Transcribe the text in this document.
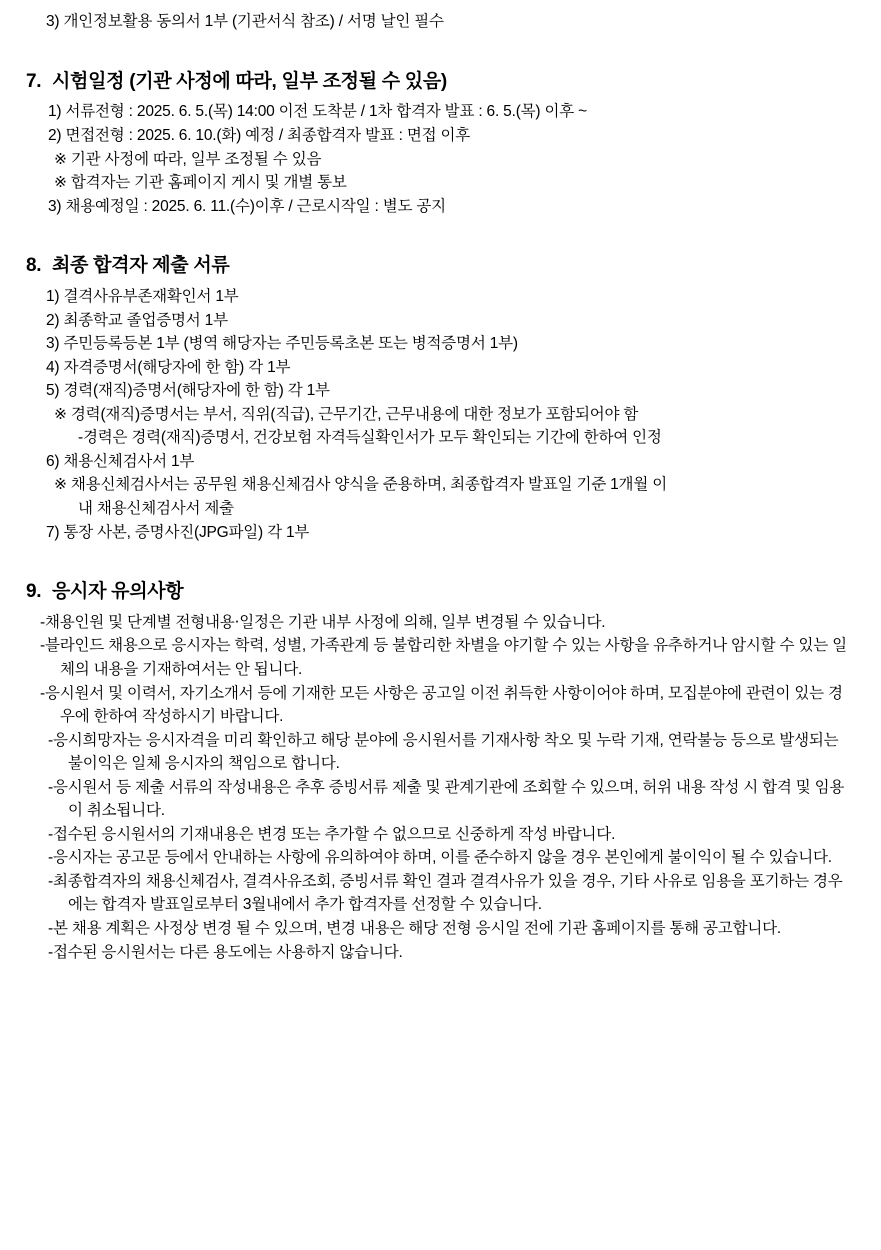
3) 개인정보활용 동의서 1부 (기관서식 참조) / 서명 날인 필수
7. 시험일정 (기관 사정에 따라, 일부 조정될 수 있음)
1) 서류전형 : 2025. 6. 5.(목) 14:00 이전 도착분 / 1차 합격자 발표 : 6. 5.(목) 이후 ~
2) 면접전형 : 2025. 6. 10.(화) 예정 / 최종합격자 발표 : 면접 이후
※ 기관 사정에 따라, 일부 조정될 수 있음
※ 합격자는 기관 홈페이지 게시 및 개별 통보
3) 채용예정일 : 2025. 6. 11.(수)이후 / 근로시작일 : 별도 공지
8. 최종 합격자 제출 서류
1) 결격사유부존재확인서 1부
2) 최종학교 졸업증명서 1부
3) 주민등록등본 1부 (병역 해당자는 주민등록초본 또는 병적증명서 1부)
4) 자격증명서(해당자에 한 함) 각 1부
5) 경력(재직)증명서(해당자에 한 함) 각 1부
※ 경력(재직)증명서는 부서, 직위(직급), 근무기간, 근무내용에 대한 정보가 포함되어야 함
-경력은 경력(재직)증명서, 건강보험 자격득실확인서가 모두 확인되는 기간에 한하여 인정
6) 채용신체검사서 1부
※ 채용신체검사서는 공무원 채용신체검사 양식을 준용하며, 최종합격자 발표일 기준 1개월 이
내 채용신체검사서 제출
7) 통장 사본, 증명사진(JPG파일) 각 1부
9. 응시자 유의사항
-채용인원 및 단계별 전형내용‧일정은 기관 내부 사정에 의해, 일부 변경될 수 있습니다.
-블라인드 채용으로 응시자는 학력, 성별, 가족관계 등 불합리한 차별을 야기할 수 있는 사항을 유추하거나 암시할 수 있는 일체의 내용을 기재하여서는 안 됩니다.
-응시원서 및 이력서, 자기소개서 등에 기재한 모든 사항은 공고일 이전 취득한 사항이어야 하며, 모집분야에 관련이 있는 경우에 한하여 작성하시기 바랍니다.
-응시희망자는 응시자격을 미리 확인하고 해당 분야에 응시원서를 기재사항 착오 및 누락 기재, 연락불능 등으로 발생되는 불이익은 일체 응시자의 책임으로 합니다.
-응시원서 등 제출 서류의 작성내용은 추후 증빙서류 제출 및 관계기관에 조회할 수 있으며, 허위 내용 작성 시 합격 및 임용이 취소됩니다.
-접수된 응시원서의 기재내용은 변경 또는 추가할 수 없으므로 신중하게 작성 바랍니다.
-응시자는 공고문 등에서 안내하는 사항에 유의하여야 하며, 이를 준수하지 않을 경우 본인에게 불이익이 될 수 있습니다.
-최종합격자의 채용신체검사, 결격사유조회, 증빙서류 확인 결과 결격사유가 있을 경우, 기타 사유로 임용을 포기하는 경우에는 합격자 발표일로부터 3월내에서 추가 합격자를 선정할 수 있습니다.
-본 채용 계획은 사정상 변경 될 수 있으며, 변경 내용은 해당 전형 응시일 전에 기관 홈페이지를 통해 공고합니다.
-접수된 응시원서는 다른 용도에는 사용하지 않습니다.
